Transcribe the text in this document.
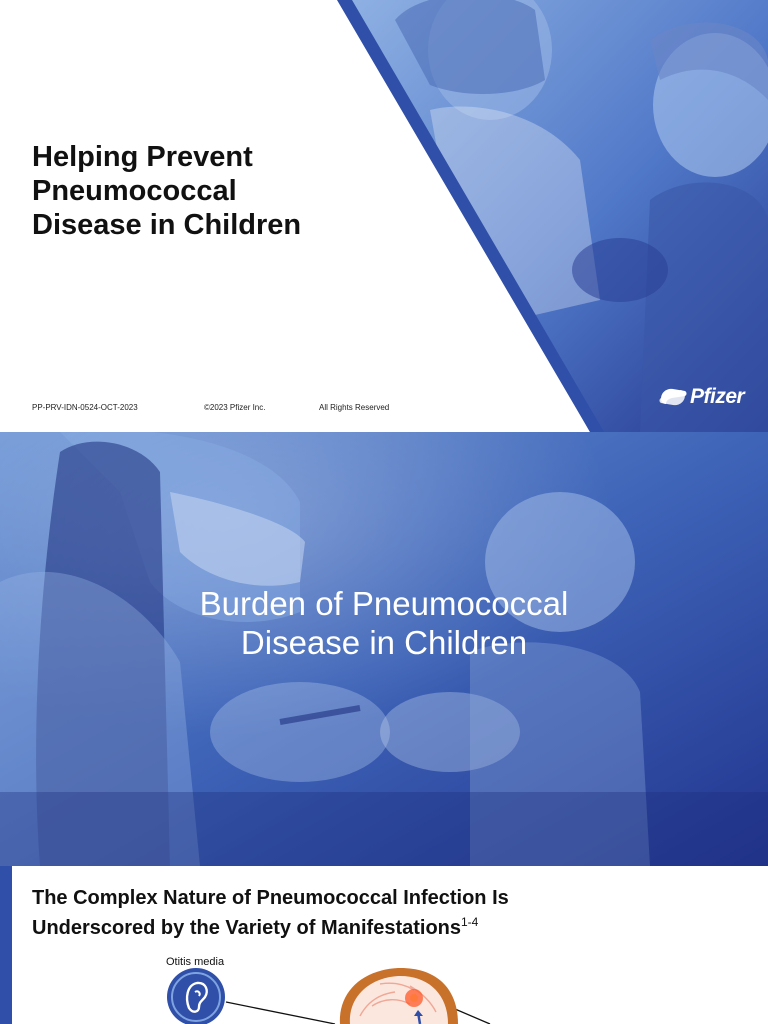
Helping Prevent
Pneumococcal
Disease in Children
PP-PRV-IDN-0524-OCT-2023	©2023 Pfizer Inc.	All Rights Reserved	Pfizer
Burden of Pneumococcal
Disease in Children
The Complex Nature of Pneumococcal Infection Is
Underscored by the Variety of Manifestations$^{1-4}$
Otitis media
